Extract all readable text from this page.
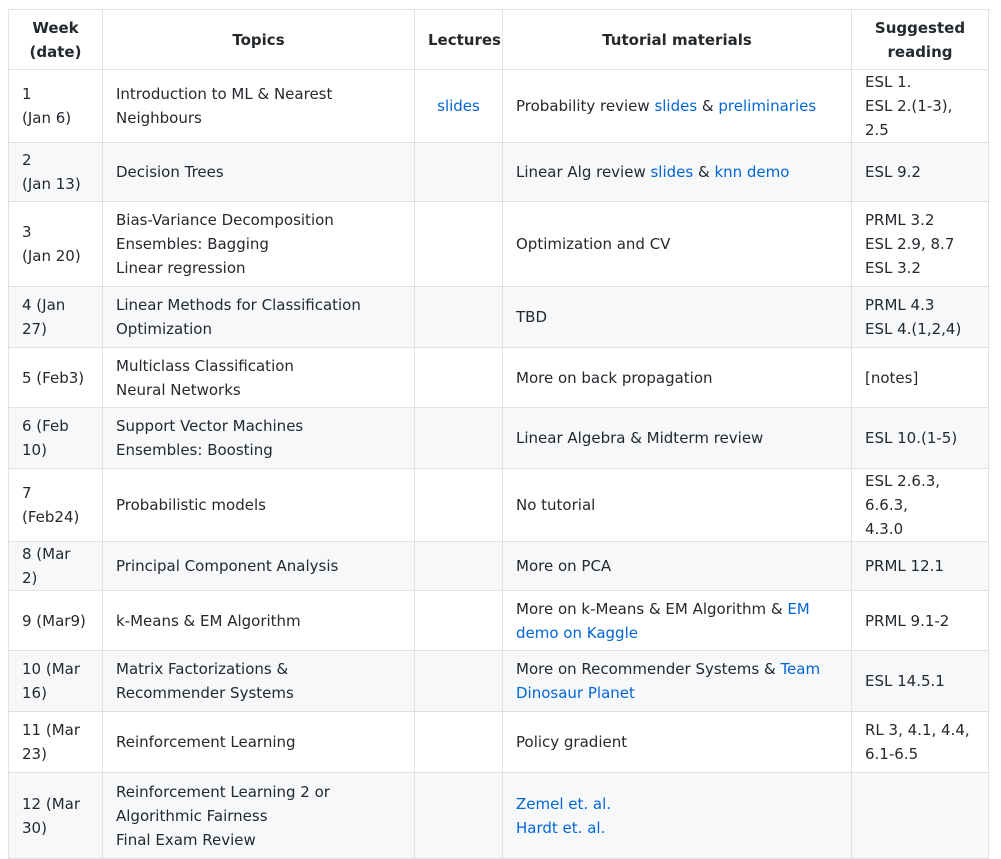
Week (date)	Topics	Lectures	Tutorial materials	Suggested reading

1
(Jan 6)	Introduction to ML & Nearest Neighbours	slides	Probability review slides & preliminaries	ESL 1.
ESL 2.(1-3), 2.5

2
(Jan 13)	Decision Trees		Linear Alg review slides & knn demo	ESL 9.2

3
(Jan 20)	Bias-Variance Decomposition
Ensembles: Bagging
Linear regression		Optimization and CV	PRML 3.2
ESL 2.9, 8.7
ESL 3.2

4 (Jan
27)	Linear Methods for Classification
Optimization		TBD	PRML 4.3
ESL 4.(1,2,4)

5 (Feb3)	Multiclass Classification
Neural Networks		More on back propagation	[notes]

6 (Feb
10)	Support Vector Machines
Ensembles: Boosting		Linear Algebra & Midterm review	ESL 10.(1-5)

7 (Feb24)	Probabilistic models		No tutorial	ESL 2.6.3, 6.6.3,
4.3.0

8 (Mar 2)	Principal Component Analysis		More on PCA	PRML 12.1

9 (Mar9)	k-Means & EM Algorithm		More on k-Means & EM Algorithm & EM demo on Kaggle	PRML 9.1-2

10 (Mar
16)	Matrix Factorizations & Recommender Systems		More on Recommender Systems & Team Dinosaur Planet	ESL 14.5.1

11 (Mar
23)	Reinforcement Learning		Policy gradient	RL 3, 4.1, 4.4,
6.1-6.5

12 (Mar
30)	Reinforcement Learning 2 or
Algorithmic Fairness
Final Exam Review		Zemel et. al.
Hardt et. al.	
